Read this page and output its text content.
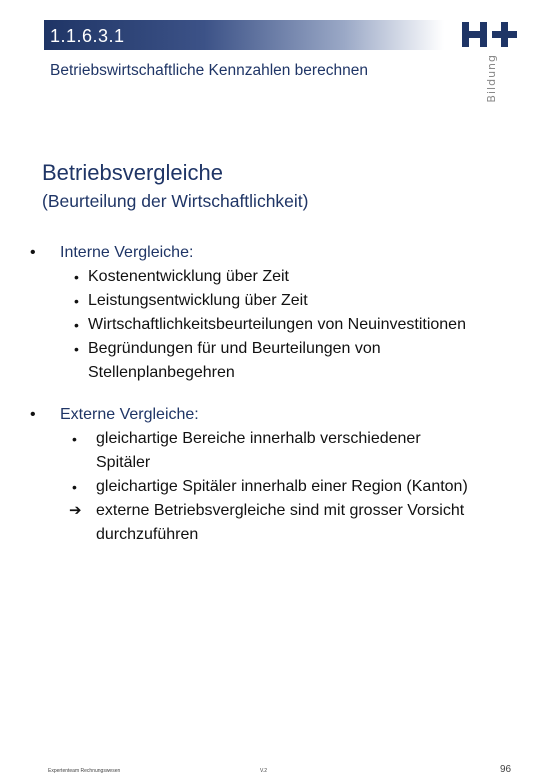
1.1.6.3.1
Betriebswirtschaftliche Kennzahlen berechnen	Bildung
Betriebsvergleiche
(Beurteilung der Wirtschaftlichkeit)
• Interne Vergleiche:
• Kostenentwicklung über Zeit
• Leistungsentwicklung über Zeit
• Wirtschaftlichkeitsbeurteilungen von Neuinvestitionen
• Begründungen für und Beurteilungen von
Stellenplanbegehren
• Externe Vergleiche:
• gleichartige Bereiche innerhalb verschiedener
Spitäler
• gleichartige Spitäler innerhalb einer Region (Kanton)
➔ externe Betriebsvergleiche sind mit grosser Vorsicht
durchzuführen
Expertenteam Rechnungswesen	V.2	96
